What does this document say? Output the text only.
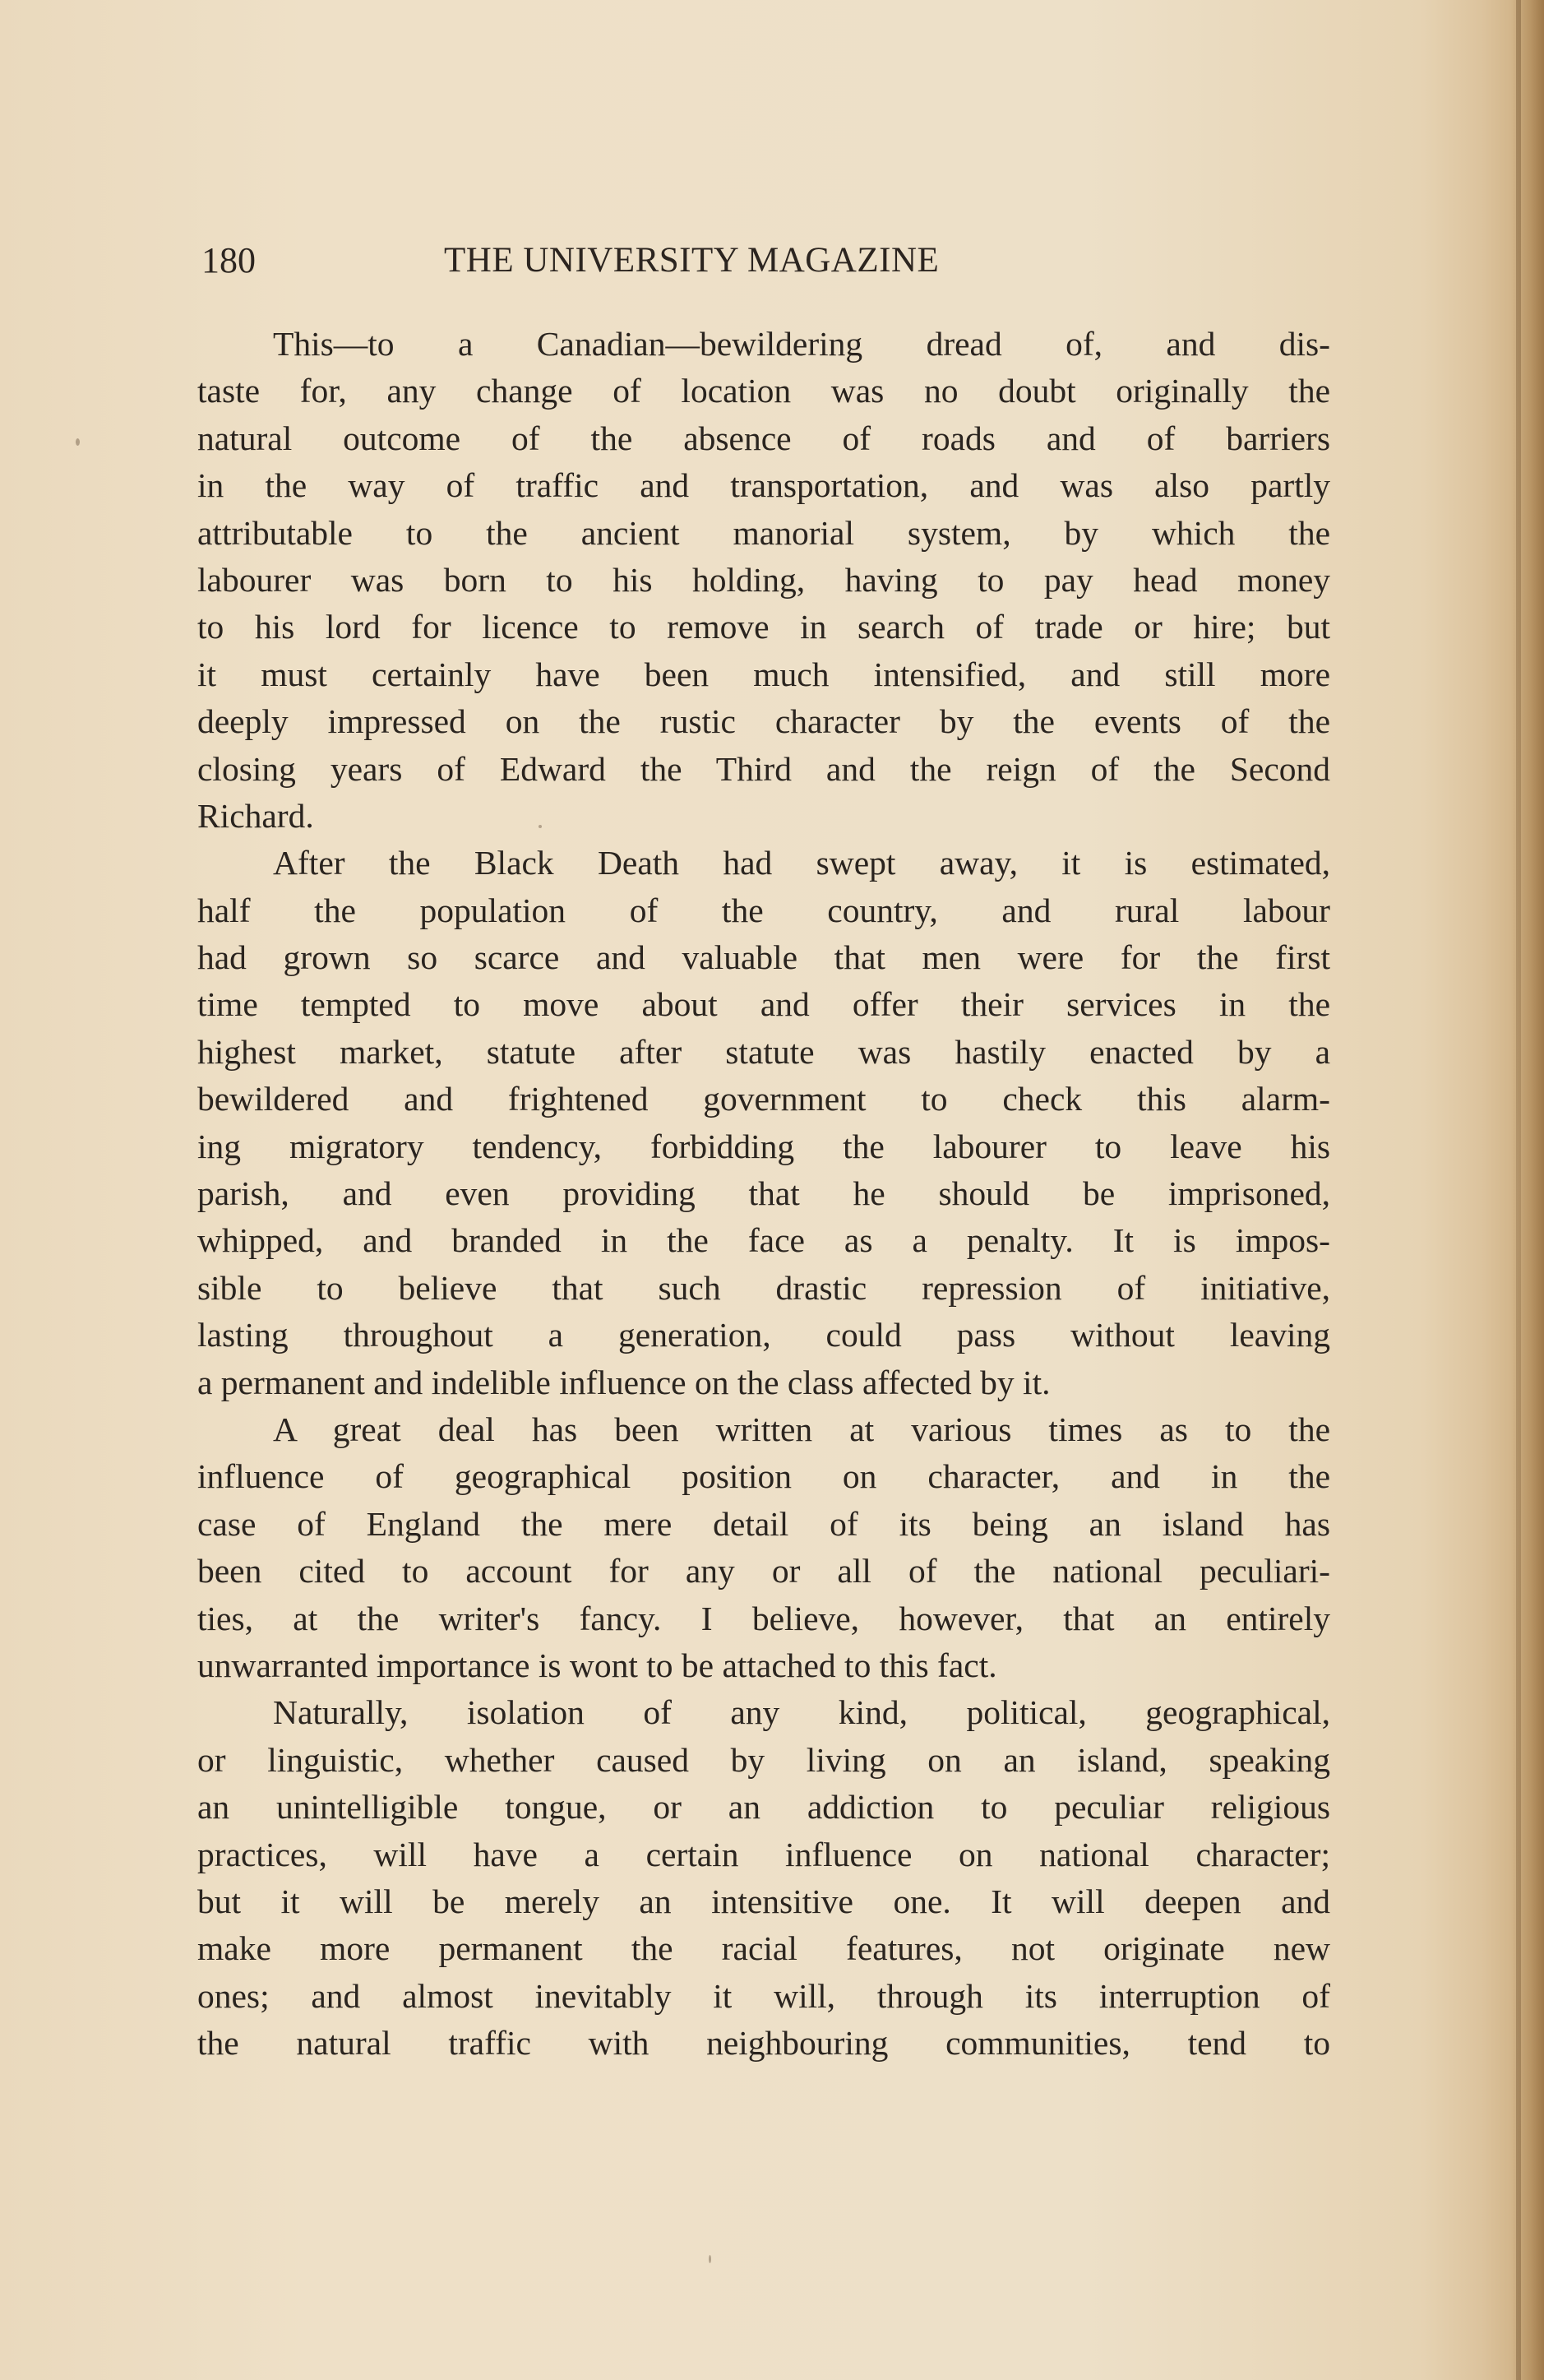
180	THE UNIVERSITY MAGAZINE
This—to a Canadian—bewildering dread of, and dis-
taste for, any change of location was no doubt originally the
natural outcome of the absence of roads and of barriers
in the way of traffic and transportation, and was also partly
attributable to the ancient manorial system, by which the
labourer was born to his holding, having to pay head money
to his lord for licence to remove in search of trade or hire; but
it must certainly have been much intensified, and still more
deeply impressed on the rustic character by the events of the
closing years of Edward the Third and the reign of the Second
Richard.
After the Black Death had swept away, it is estimated,
half the population of the country, and rural labour
had grown so scarce and valuable that men were for the first
time tempted to move about and offer their services in the
highest market, statute after statute was hastily enacted by a
bewildered and frightened government to check this alarm-
ing migratory tendency, forbidding the labourer to leave his
parish, and even providing that he should be imprisoned,
whipped, and branded in the face as a penalty. It is impos-
sible to believe that such drastic repression of initiative,
lasting throughout a generation, could pass without leaving
a permanent and indelible influence on the class affected by it.
A great deal has been written at various times as to the
influence of geographical position on character, and in the
case of England the mere detail of its being an island has
been cited to account for any or all of the national peculiari-
ties, at the writer's fancy. I believe, however, that an entirely
unwarranted importance is wont to be attached to this fact.
Naturally, isolation of any kind, political, geographical,
or linguistic, whether caused by living on an island, speaking
an unintelligible tongue, or an addiction to peculiar religious
practices, will have a certain influence on national character;
but it will be merely an intensitive one. It will deepen and
make more permanent the racial features, not originate new
ones; and almost inevitably it will, through its interruption of
the natural traffic with neighbouring communities, tend to
